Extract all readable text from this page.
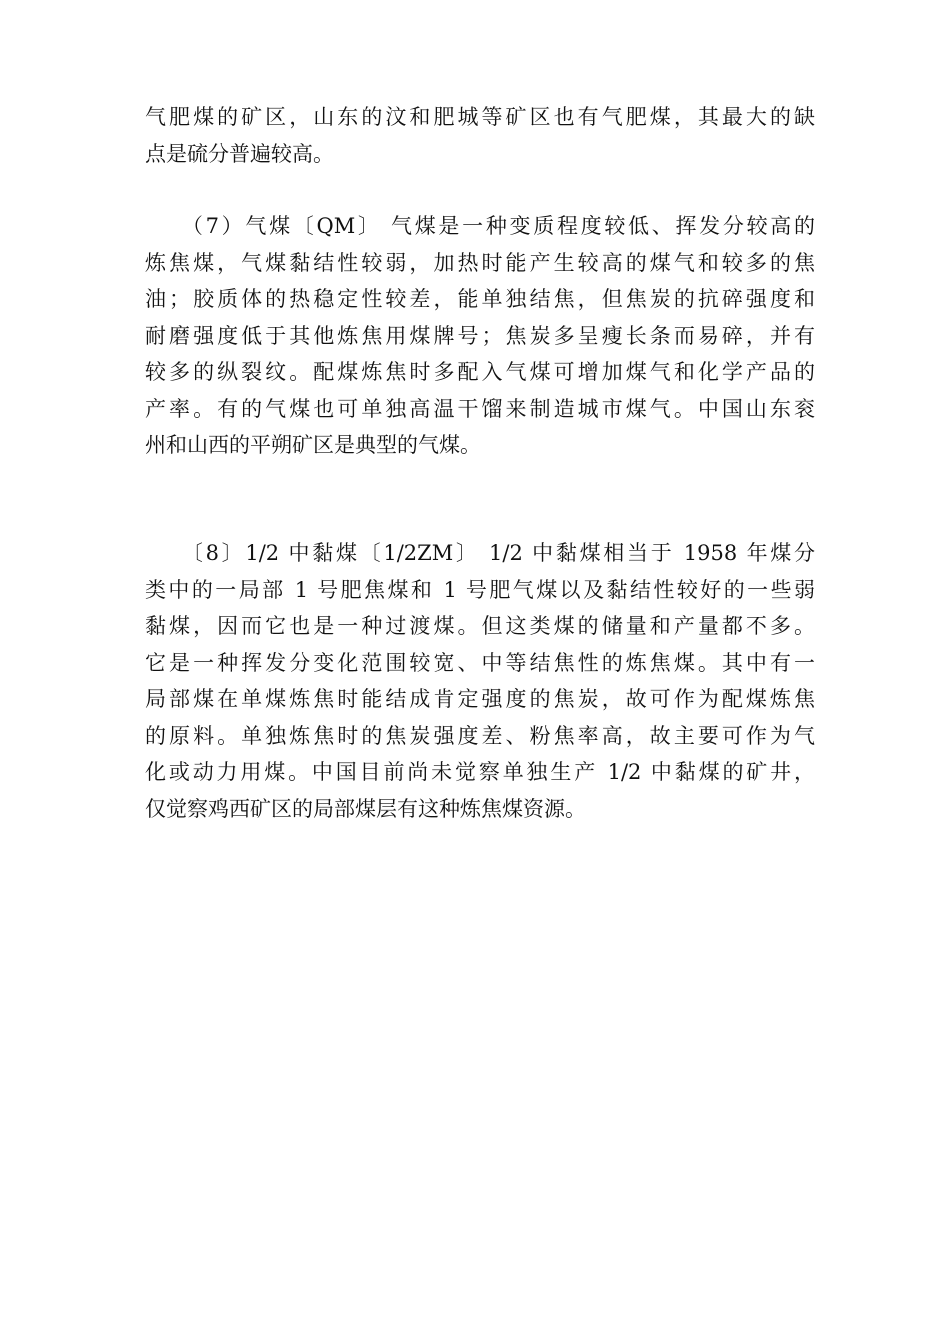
气肥煤的矿区，山东的汶和肥城等矿区也有气肥煤，其最大的缺
点是硫分普遍较高。
　　（7）气煤〔QM〕 气煤是一种变质程度较低、挥发分较高的
炼焦煤，气煤黏结性较弱，加热时能产生较高的煤气和较多的焦
油；胶质体的热稳定性较差，能单独结焦，但焦炭的抗碎强度和
耐磨强度低于其他炼焦用煤牌号；焦炭多呈瘦长条而易碎，并有
较多的纵裂纹。配煤炼焦时多配入气煤可增加煤气和化学产品的
产率。有的气煤也可单独高温干馏来制造城市煤气。中国山东衮
州和山西的平朔矿区是典型的气煤。
　　〔8〕1/2 中黏煤〔1/2ZM〕 1/2 中黏煤相当于 1958 年煤分
类中的一局部 1 号肥焦煤和 1 号肥气煤以及黏结性较好的一些弱
黏煤，因而它也是一种过渡煤。但这类煤的储量和产量都不多。
它是一种挥发分变化范围较宽、中等结焦性的炼焦煤。其中有一
局部煤在单煤炼焦时能结成肯定强度的焦炭，故可作为配煤炼焦
的原料。单独炼焦时的焦炭强度差、粉焦率高，故主要可作为气
化或动力用煤。中国目前尚未觉察单独生产 1/2 中黏煤的矿井，
仅觉察鸡西矿区的局部煤层有这种炼焦煤资源。
